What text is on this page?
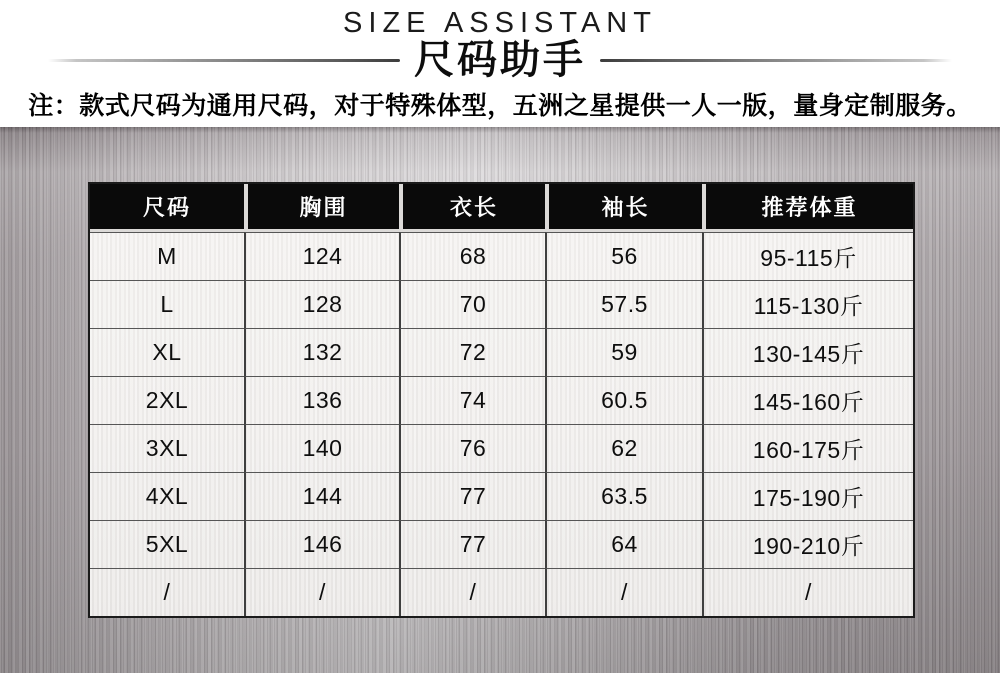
SIZE ASSISTANT
尺码助手
注：款式尺码为通用尺码，对于特殊体型，五洲之星提供一人一版，量身定制服务。
尺码	胸围	衣长	袖长	推荐体重
M	124	68	56	95-115斤
L	128	70	57.5	115-130斤
XL	132	72	59	130-145斤
2XL	136	74	60.5	145-160斤
3XL	140	76	62	160-175斤
4XL	144	77	63.5	175-190斤
5XL	146	77	64	190-210斤
/	/	/	/	/
